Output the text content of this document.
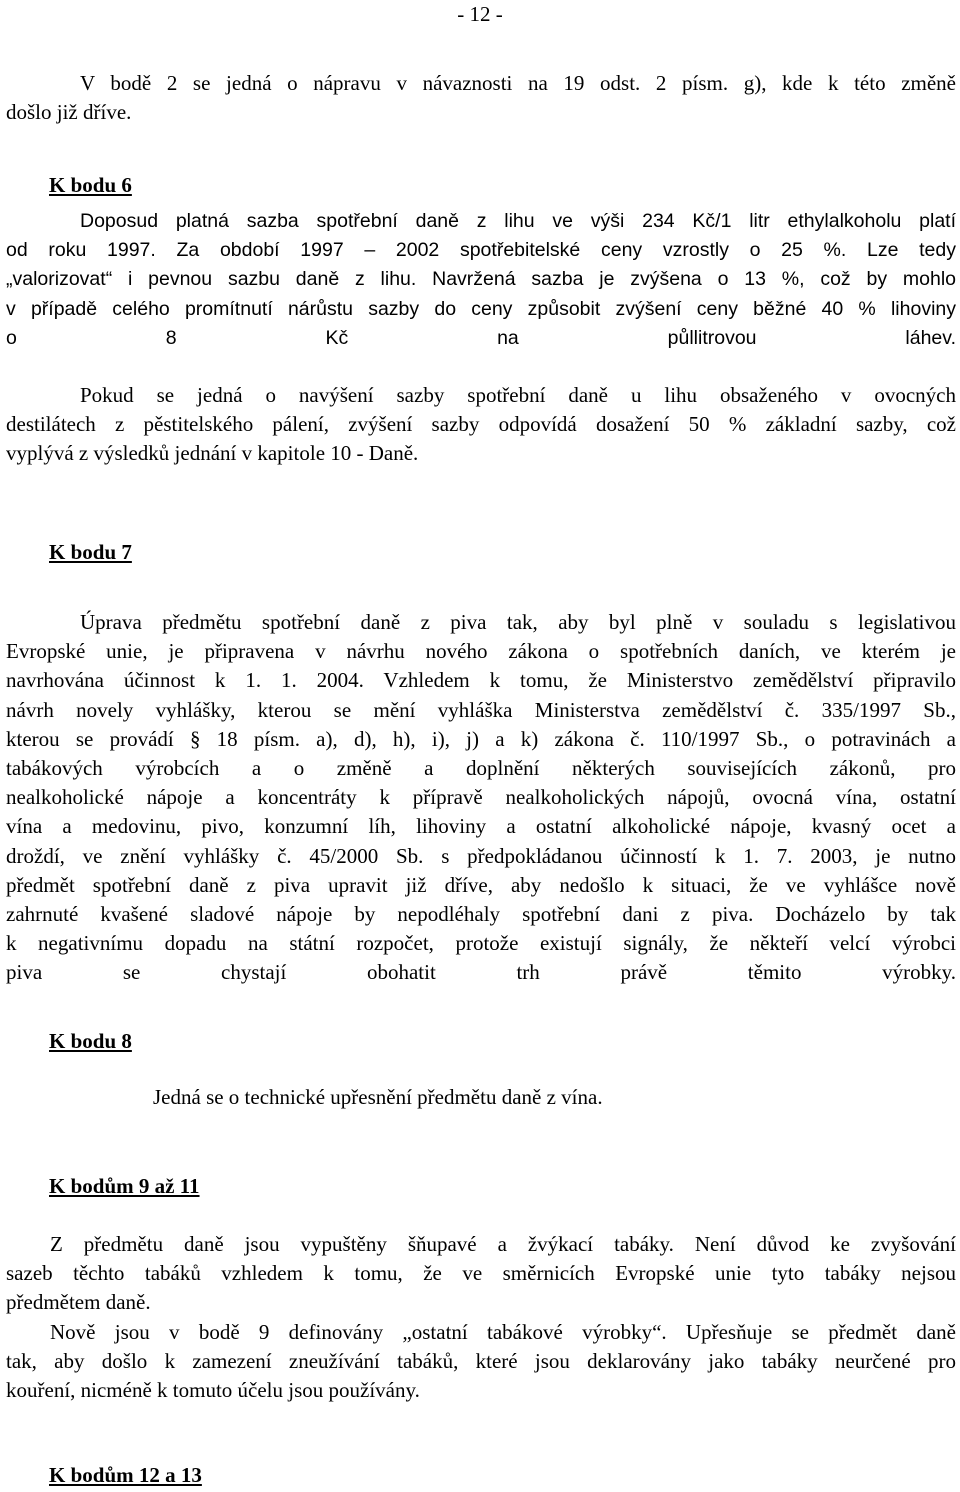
- 12 -
V bodě 2 se jedná o nápravu v návaznosti na 19 odst. 2 písm. g), kde k této změně
došlo již dříve.
K bodu 6
Doposud platná sazba spotřební daně z lihu ve výši 234 Kč/1 litr ethylalkoholu platí
od roku 1997. Za období 1997 – 2002 spotřebitelské ceny vzrostly o 25 %. Lze tedy
„valorizovat“ i pevnou sazbu daně z lihu. Navržená sazba je zvýšena o 13 %, což by mohlo
v případě celého promítnutí nárůstu sazby do ceny způsobit zvýšení ceny běžné 40 % lihoviny
o 8 Kč na půllitrovou láhev.
Pokud se jedná o navýšení sazby spotřební daně u lihu obsaženého v ovocných
destilátech z pěstitelského pálení, zvýšení sazby odpovídá dosažení 50 % základní sazby, což
vyplývá z výsledků jednání v kapitole 10 - Daně.
K bodu 7
Úprava předmětu spotřební daně z piva tak, aby byl plně v souladu s legislativou
Evropské unie, je připravena v návrhu nového zákona o spotřebních daních, ve kterém je
navrhována účinnost k 1. 1. 2004. Vzhledem k tomu, že Ministerstvo zemědělství připravilo
návrh novely vyhlášky, kterou se mění vyhláška Ministerstva zemědělství č. 335/1997 Sb.,
kterou se provádí § 18 písm. a), d), h), i), j) a k) zákona č. 110/1997 Sb., o potravinách a
tabákových výrobcích a o změně a doplnění některých souvisejících zákonů, pro
nealkoholické nápoje a koncentráty k přípravě nealkoholických nápojů, ovocná vína, ostatní
vína a medovinu, pivo, konzumní líh, lihoviny a ostatní alkoholické nápoje, kvasný ocet a
droždí, ve znění vyhlášky č. 45/2000 Sb. s předpokládanou účinností k 1. 7. 2003, je nutno
předmět spotřební daně z piva upravit již dříve, aby nedošlo k situaci, že ve vyhlášce nově
zahrnuté kvašené sladové nápoje by nepodléhaly spotřební dani z piva. Docházelo by tak
k negativnímu dopadu na státní rozpočet, protože existují signály, že někteří velcí výrobci
piva se chystají obohatit trh právě těmito výrobky.
K bodu 8
Jedná se o technické upřesnění předmětu daně z vína.
K bodům 9 až 11
Z předmětu daně jsou vypuštěny šňupavé a žvýkací tabáky. Není důvod ke zvyšování
sazeb těchto tabáků vzhledem k tomu, že ve směrnicích Evropské unie tyto tabáky nejsou
předmětem daně.
Nově jsou v bodě 9 definovány „ostatní tabákové výrobky“. Upřesňuje se předmět daně
tak, aby došlo k zamezení zneužívání tabáků, které jsou deklarovány jako tabáky neurčené pro
kouření, nicméně k tomuto účelu jsou používány.
K bodům 12 a 13
